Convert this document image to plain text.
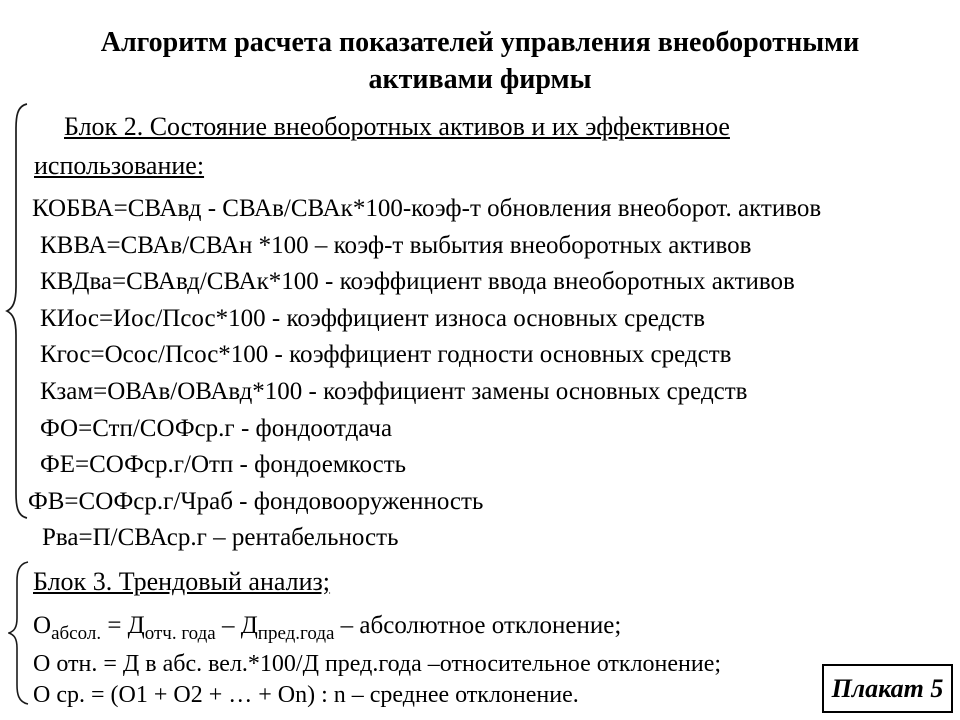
Алгоритм расчета показателей управления внеоборотными
активами фирмы
Блок 2. Состояние внеоборотных активов и их эффективное
использование:
КОБВА=СВАвд - СВАв/СВАк*100-коэф-т обновления внеоборот. активов
КВВА=СВАв/СВАн *100 – коэф-т выбытия внеоборотных активов
КВДва=СВАвд/СВАк*100 - коэффициент ввода внеоборотных активов
КИос=Иос/Псос*100 - коэффициент износа основных средств
Кгос=Осос/Псос*100 - коэффициент годности основных средств
Кзам=ОВАв/ОВАвд*100 - коэффициент замены основных средств
ФО=Стп/СОФср.г - фондоотдача
ФЕ=СОФср.г/Отп - фондоемкость
ФВ=СОФср.г/Чраб - фондовооруженность
Рва=П/СВАср.г – рентабельность
Блок 3. Трендовый анализ;
$О_{абсол.} = Д_{отч. года} - Д_{пред.года}$ – абсолютное отклонение;
О отн. = Д в абс. вел.*100/Д пред.года –относительное отклонение;
О ср. = (О1 + О2 + … + Оn) : n – среднее отклонение.	Плакат 5
